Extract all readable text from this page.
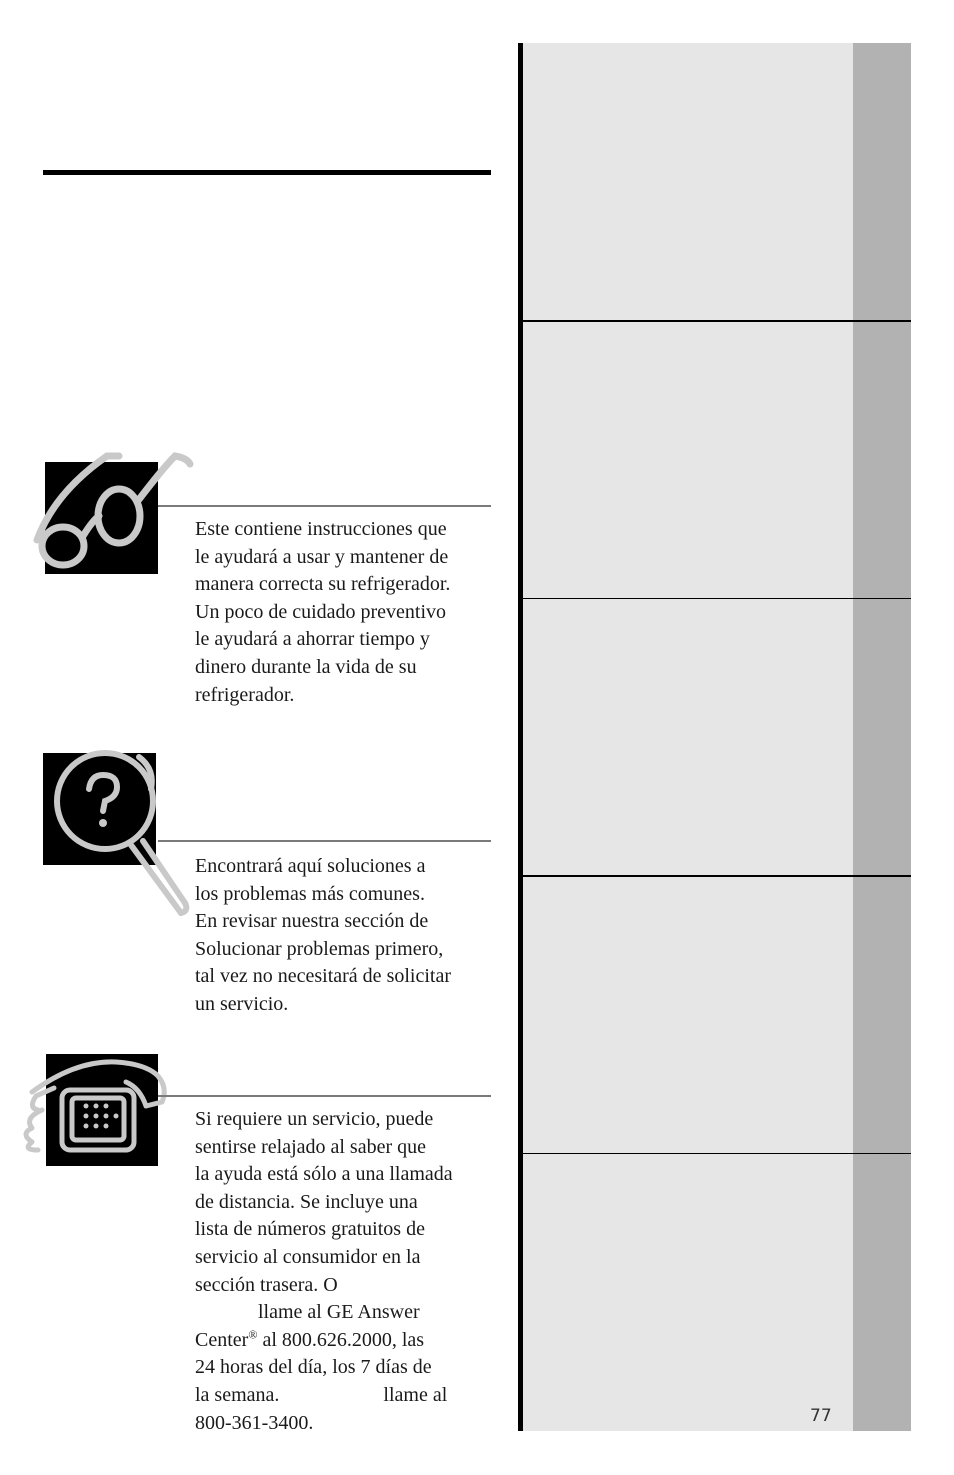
Este contiene instrucciones que
le ayudará a usar y mantener de
manera correcta su refrigerador.
Un poco de cuidado preventivo
le ayudará a ahorrar tiempo y
dinero durante la vida de su
refrigerador.

Encontrará aquí soluciones a
los problemas más comunes.
En revisar nuestra sección de
Solucionar problemas primero,
tal vez no necesitará de solicitar
un servicio.

Si requiere un servicio, puede
sentirse relajado al saber que
la ayuda está sólo a una llamada
de distancia. Se incluye una
lista de números gratuitos de
servicio al consumidor en la
sección trasera. O

llame al GE Answer
Center® al 800.626.2000, las
24 horas del día, los 7 días de
la semana.	llame al
800-361-3400.	77
